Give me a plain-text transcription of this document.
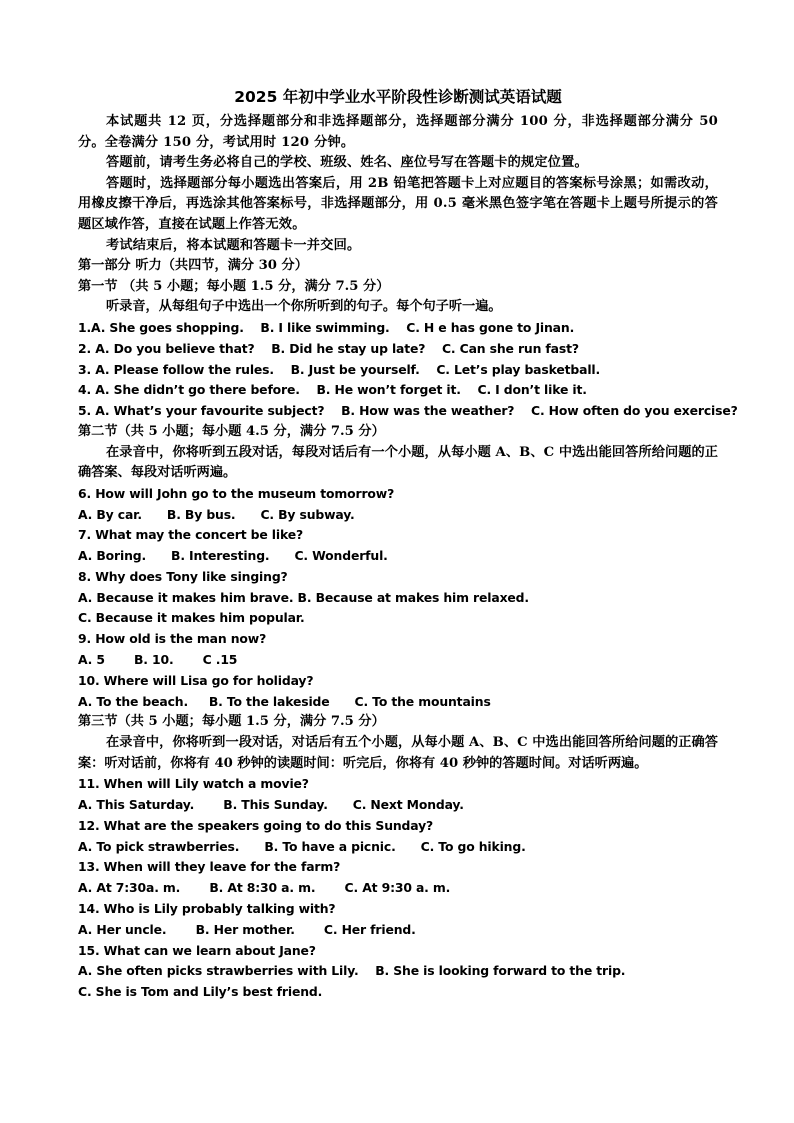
2025 年初中学业水平阶段性诊断测试英语试题

本试题共 12 页，分选择题部分和非选择题部分，选择题部分满分 100 分，非选择题部分满分 50 分。全卷满分 150 分，考试用时 120 分钟。

答题前，请考生务必将自己的学校、班级、姓名、座位号写在答题卡的规定位置。

答题时，选择题部分每小题选出答案后，用 2B 铅笔把答题卡上对应题目的答案标号涂黑；如需改动，用橡皮擦干净后，再选涂其他答案标号，非选择题部分，用 0.5 毫米黑色签字笔在答题卡上题号所提示的答题区域作答，直接在试题上作答无效。

考试结束后，将本试题和答题卡一并交回。

第一部分 听力（共四节，满分 30 分）
第一节 （共 5 小题；每小题 1.5 分，满分 7.5 分）
听录音，从每组句子中选出一个你所听到的句子。每个句子听一遍。
1.A. She goes shopping.    B. I like swimming.    C. H e has gone to Jinan.
2. A. Do you believe that?    B. Did he stay up late?    C. Can she run fast?
3. A. Please follow the rules.    B. Just be yourself.    C. Let’s play basketball.
4. A. She didn’t go there before.    B. He won’t forget it.    C. I don’t like it.
5. A. What’s your favourite subject?    B. How was the weather?    C. How often do you exercise?
第二节（共 5 小题；每小题 4.5 分，满分 7.5 分）
在录音中，你将听到五段对话，每段对话后有一个小题，从每小题 A、B、C 中选出能回答所给问题的正确答案、每段对话听两遍。
6. How will John go to the museum tomorrow?
A. By car.      B. By bus.      C. By subway.
7. What may the concert be like?
A. Boring.      B. Interesting.      C. Wonderful.
8. Why does Tony like singing?
A. Because it makes him brave. B. Because at makes him relaxed.
C. Because it makes him popular.
9. How old is the man now?
A. 5       B. 10.       C .15
10. Where will Lisa go for holiday?
A. To the beach.     B. To the lakeside      C. To the mountains
第三节（共 5 小题；每小题 1.5 分，满分 7.5 分）
在录音中，你将听到一段对话，对话后有五个小题，从每小题 A、B、C 中选出能回答所给问题的正确答案：听对话前，你将有 40 秒钟的读题时间：听完后，你将有 40 秒钟的答题时间。对话听两遍。
11. When will Lily watch a movie?
A. This Saturday.       B. This Sunday.      C. Next Monday.
12. What are the speakers going to do this Sunday?
A. To pick strawberries.      B. To have a picnic.      C. To go hiking.
13. When will they leave for the farm?
A. At 7:30a. m.       B. At 8:30 a. m.       C. At 9:30 a. m.
14. Who is Lily probably talking with?
A. Her uncle.       B. Her mother.       C. Her friend.
15. What can we learn about Jane?
A. She often picks strawberries with Lily.    B. She is looking forward to the trip.
C. She is Tom and Lily’s best friend.
